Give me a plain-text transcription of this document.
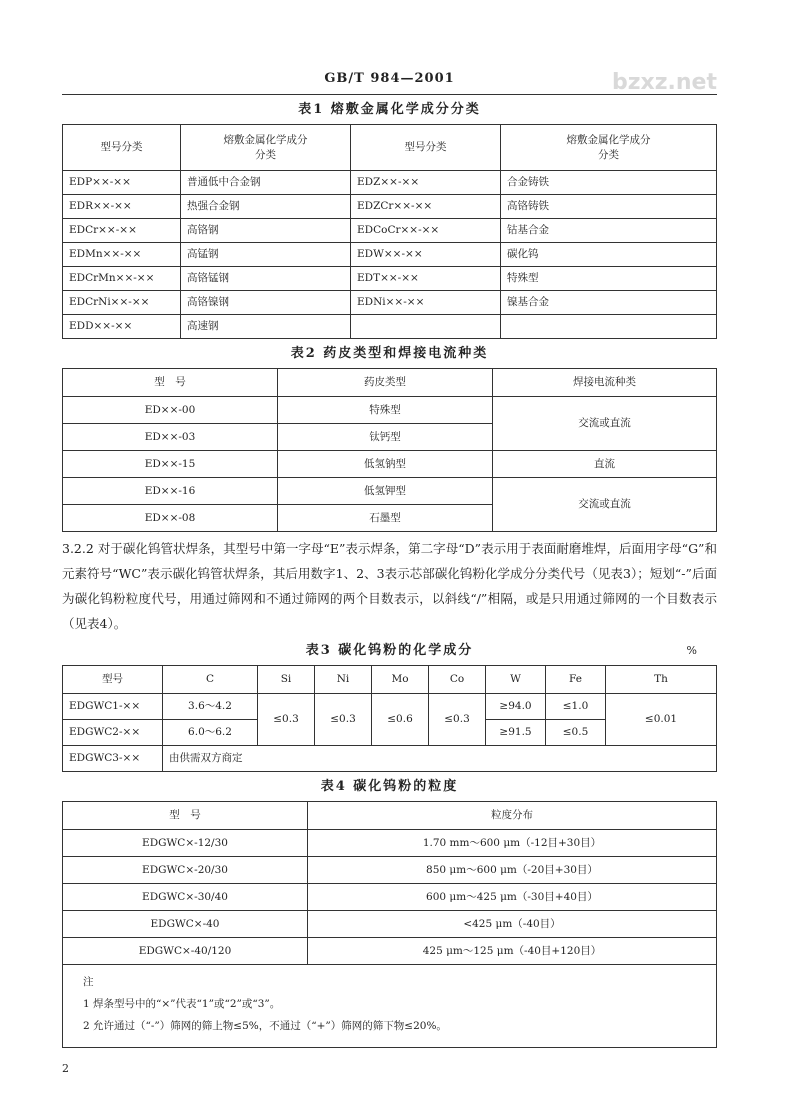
GB/T 984—2001
表1 熔敷金属化学成分分类
bzxz.net
型号分类	熔敷金属化学成分分类	型号分类	熔敷金属化学成分分类
EDP××-××	普通低中合金钢	EDZ××-××	合金铸铁
EDR××-××	热强合金钢	EDZCr××-××	高铬铸铁
EDCr××-××	高铬钢	EDCoCr××-××	钴基合金
EDMn××-××	高锰钢	EDW××-××	碳化钨
EDCrMn××-××	高铬锰钢	EDT××-××	特殊型
EDCrNi××-××	高铬镍钢	EDNi××-××	镍基合金
EDD××-××	高速钢		
表2 药皮类型和焊接电流种类
型　号	药皮类型	焊接电流种类
ED××-00	特殊型	交流或直流
ED××-03	钛钙型	
ED××-15	低氢钠型	直流
ED××-16	低氢钾型	交流或直流
ED××-08	石墨型	
3.2.2 对于碳化钨管状焊条，其型号中第一字母“E”表示焊条，第二字母“D”表示用于表面耐磨堆焊，后面用字母“G”和元素符号“WC”表示碳化钨管状焊条，其后用数字1、2、3表示芯部碳化钨粉化学成分分类代号（见表3）；短划“-”后面为碳化钨粉粒度代号，用通过筛网和不通过筛网的两个目数表示，以斜线“/”相隔，或是只用通过筛网的一个目数表示（见表4）。
表3 碳化钨粉的化学成分	%
型号	C	Si	Ni	Mo	Co	W	Fe	Th
EDGWC1-××	3.6～4.2	≤0.3	≤0.3	≤0.6	≤0.3	≥94.0	≤1.0	≤0.01
EDGWC2-××	6.0～6.2					≥91.5	≤0.5	
EDGWC3-××	由供需双方商定							
表4 碳化钨粉的粒度
型　号	粒度分布
EDGWC×-12/30	1.70 mm～600 μm（-12目+30目）
EDGWC×-20/30	850 μm～600 μm（-20目+30目）
EDGWC×-30/40	600 μm～425 μm（-30目+40目）
EDGWC×-40	<425 μm（-40目）
EDGWC×-40/120	425 μm～125 μm（-40目+120目）

注
1 焊条型号中的“×”代表“1”或“2”或“3”。
2 允许通过（“-”）筛网的筛上物≤5%，不通过（“+”）筛网的筛下物≤20%。	
2
